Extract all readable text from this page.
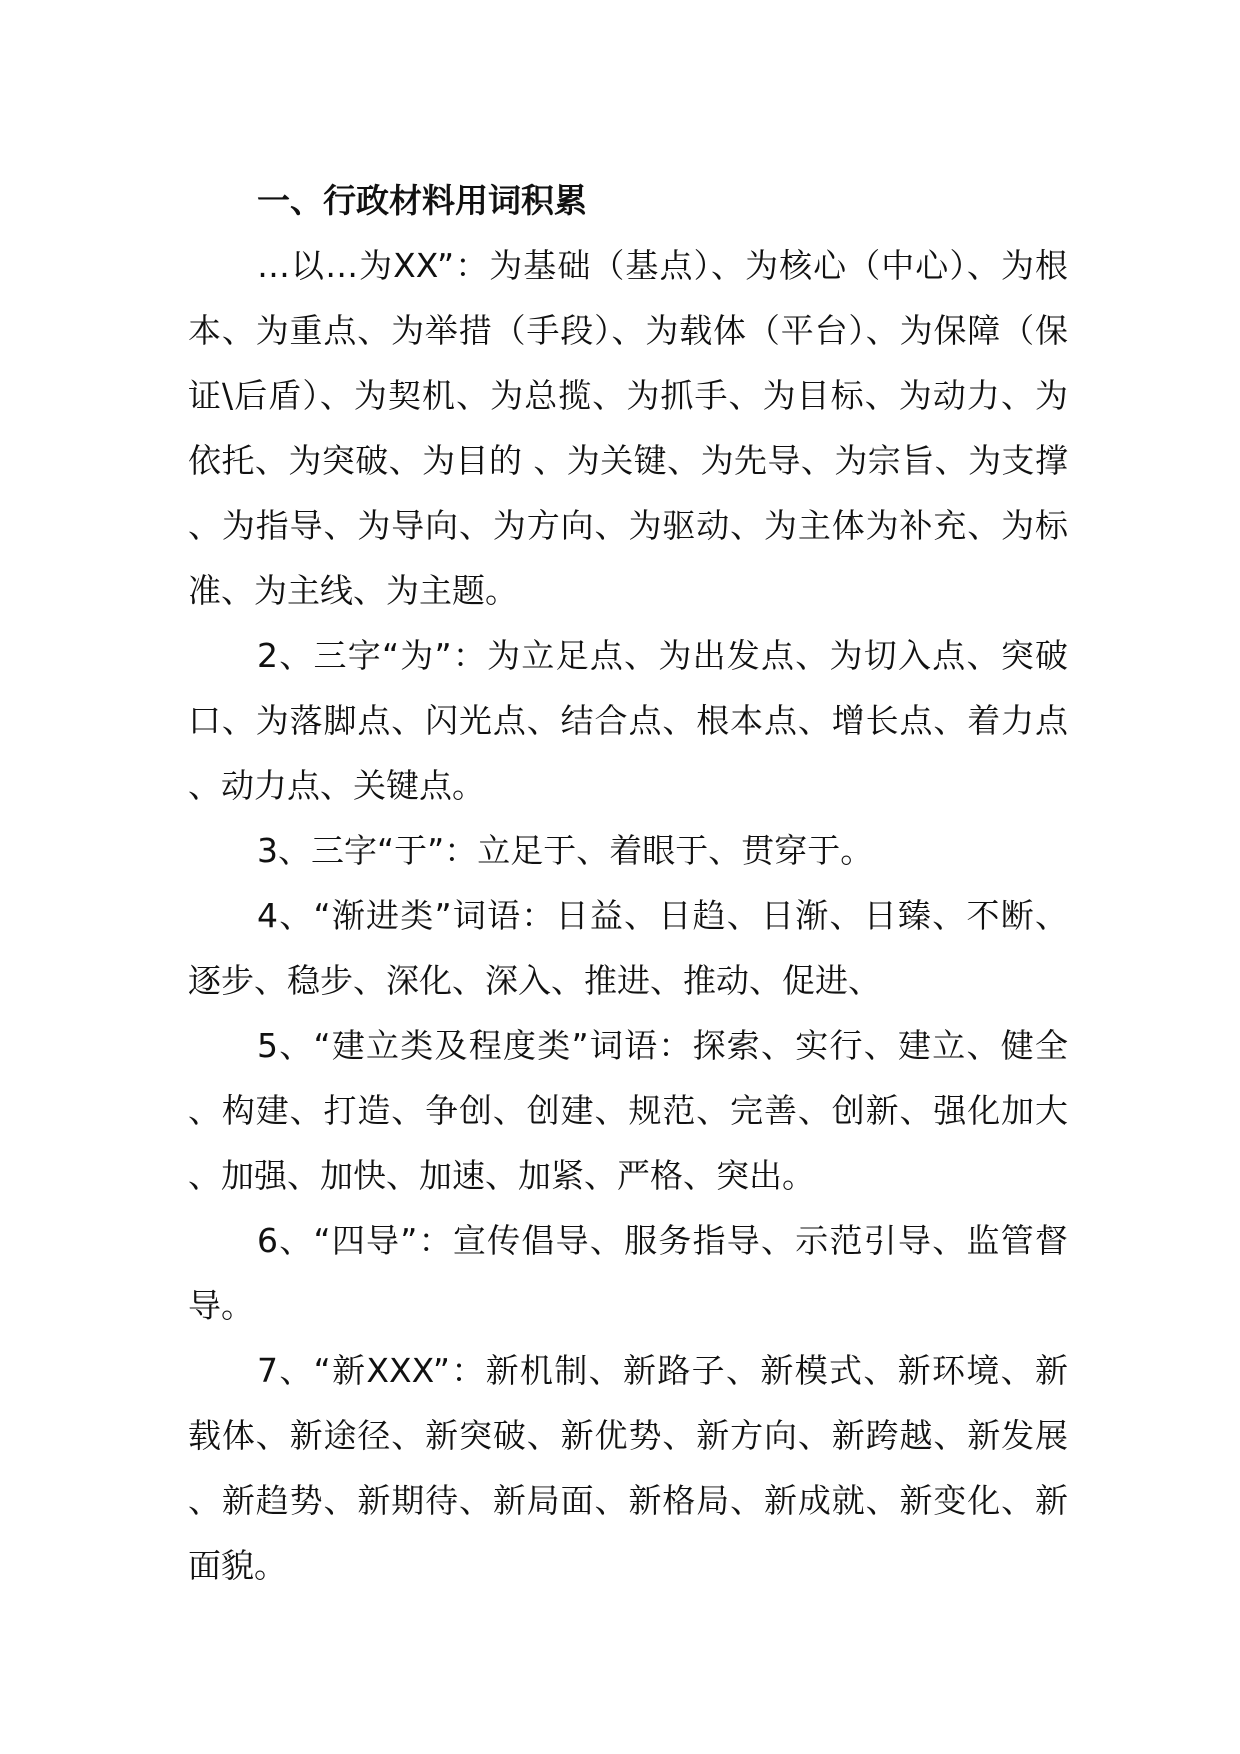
一、行政材料用词积累

…以…为XX”：为基础（基点）、为核心（中心）、为根本、为重点、为举措（手段）、为载体（平台）、为保障（保证\后盾）、为契机、为总揽、为抓手、为目标、为动力、为依托、为突破、为目的 、为关键、为先导、为宗旨、为支撑、为指导、为导向、为方向、为驱动、为主体为补充、为标准、为主线、为主题。

2、三字“为”：为立足点、为出发点、为切入点、突破口、为落脚点、闪光点、结合点、根本点、增长点、着力点、动力点、关键点。

3、三字“于”：立足于、着眼于、贯穿于。

4、“渐进类”词语：日益、日趋、日渐、日臻、不断、逐步、稳步、深化、深入、推进、推动、促进、

5、“建立类及程度类”词语：探索、实行、建立、健全、构建、打造、争创、创建、规范、完善、创新、强化加大、加强、加快、加速、加紧、严格、突出。

6、“四导”：宣传倡导、服务指导、示范引导、监管督导。

7、“新XXX”：新机制、新路子、新模式、新环境、新载体、新途径、新突破、新优势、新方向、新跨越、新发展、新趋势、新期待、新局面、新格局、新成就、新变化、新面貌。
